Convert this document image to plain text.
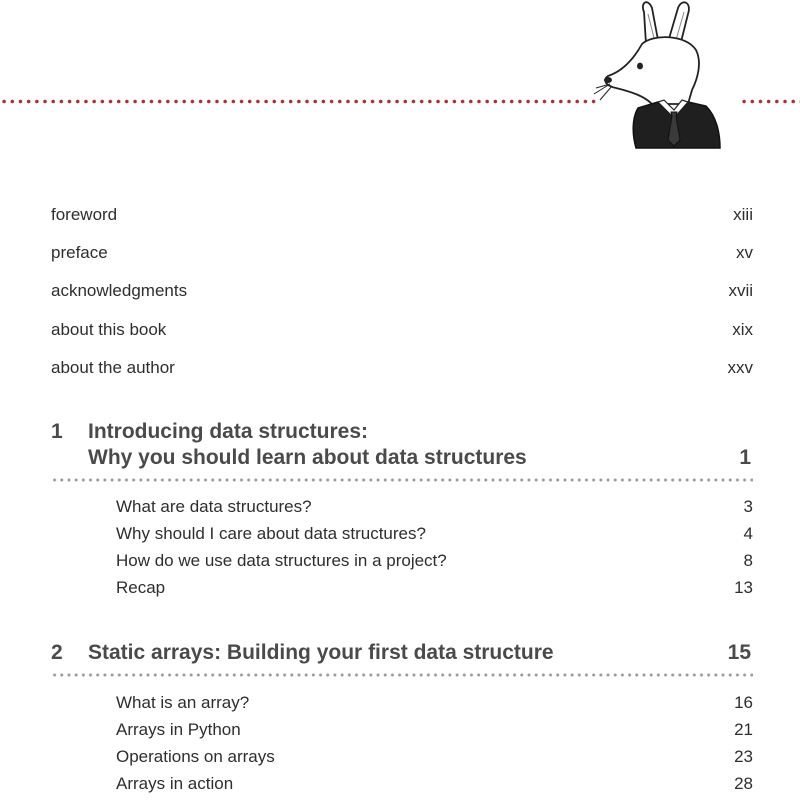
foreword	xiii
preface	xv
acknowledgments	xvii
about this book	xix
about the author	xxv
1 Introducing data structures:
Why you should learn about data structures	1
What are data structures?	3
Why should I care about data structures?	4
How do we use data structures in a project?	8
Recap	13
2 Static arrays: Building your first data structure	15
What is an array?	16
Arrays in Python	21
Operations on arrays	23
Arrays in action	28
